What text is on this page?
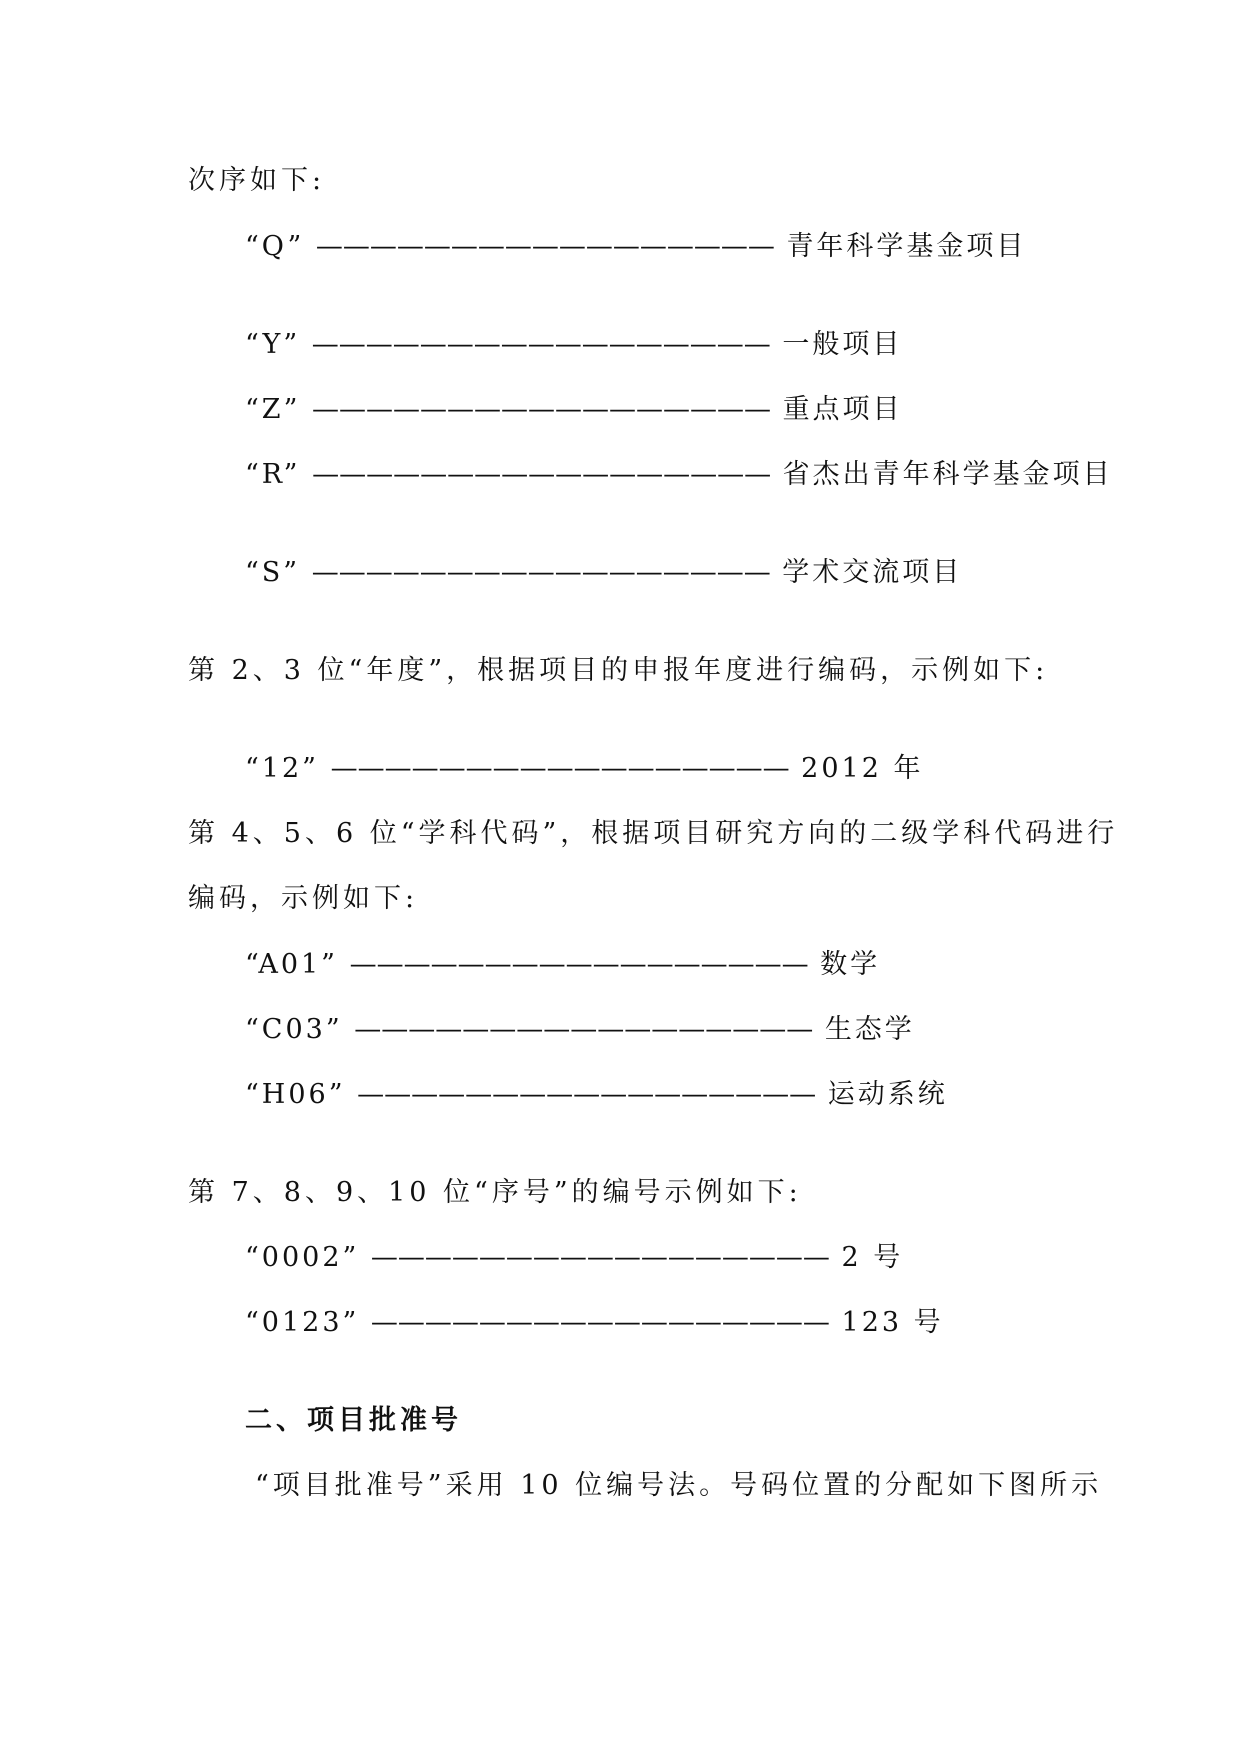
次序如下:
“Q” ————————————————— 青年科学基金项目
“Y” ————————————————— 一般项目
“Z” ————————————————— 重点项目
“R” ————————————————— 省杰出青年科学基金项目
“S” ————————————————— 学术交流项目
第 2、3 位“年度”，根据项目的申报年度进行编码，示例如下:
“12” ————————————————— 2012 年
第 4、5、6 位“学科代码”，根据项目研究方向的二级学科代码进行
编码，示例如下:
“A01” ————————————————— 数学
“C03” ————————————————— 生态学
“H06” ————————————————— 运动系统
第 7、8、9、10 位“序号”的编号示例如下:
“0002” ————————————————— 2 号
“0123” ————————————————— 123 号
二、项目批准号
“项目批准号”采用 10 位编号法。号码位置的分配如下图所示
